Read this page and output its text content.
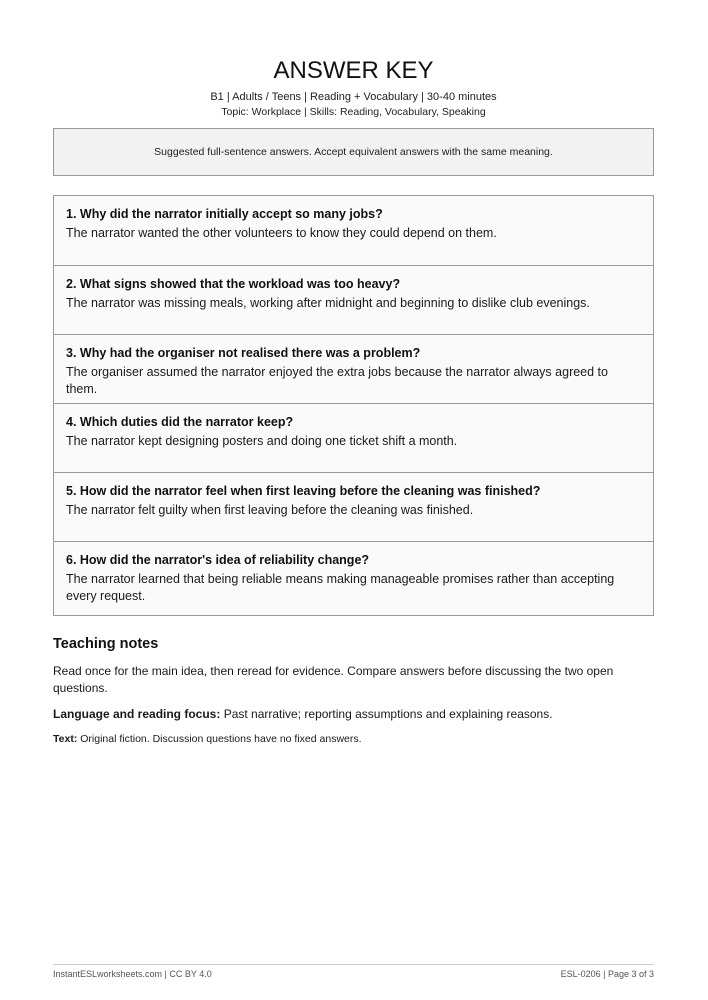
ANSWER KEY
B1 | Adults / Teens | Reading + Vocabulary | 30-40 minutes
Topic: Workplace | Skills: Reading, Vocabulary, Speaking
Suggested full-sentence answers. Accept equivalent answers with the same meaning.
1. Why did the narrator initially accept so many jobs?
The narrator wanted the other volunteers to know they could depend on them.
2. What signs showed that the workload was too heavy?
The narrator was missing meals, working after midnight and beginning to dislike club evenings.
3. Why had the organiser not realised there was a problem?
The organiser assumed the narrator enjoyed the extra jobs because the narrator always agreed to them.
4. Which duties did the narrator keep?
The narrator kept designing posters and doing one ticket shift a month.
5. How did the narrator feel when first leaving before the cleaning was finished?
The narrator felt guilty when first leaving before the cleaning was finished.
6. How did the narrator's idea of reliability change?
The narrator learned that being reliable means making manageable promises rather than accepting every request.
Teaching notes
Read once for the main idea, then reread for evidence. Compare answers before discussing the two open questions.
Language and reading focus: Past narrative; reporting assumptions and explaining reasons.
Text: Original fiction. Discussion questions have no fixed answers.
InstantESLworksheets.com | CC BY 4.0	ESL-0206 | Page 3 of 3
